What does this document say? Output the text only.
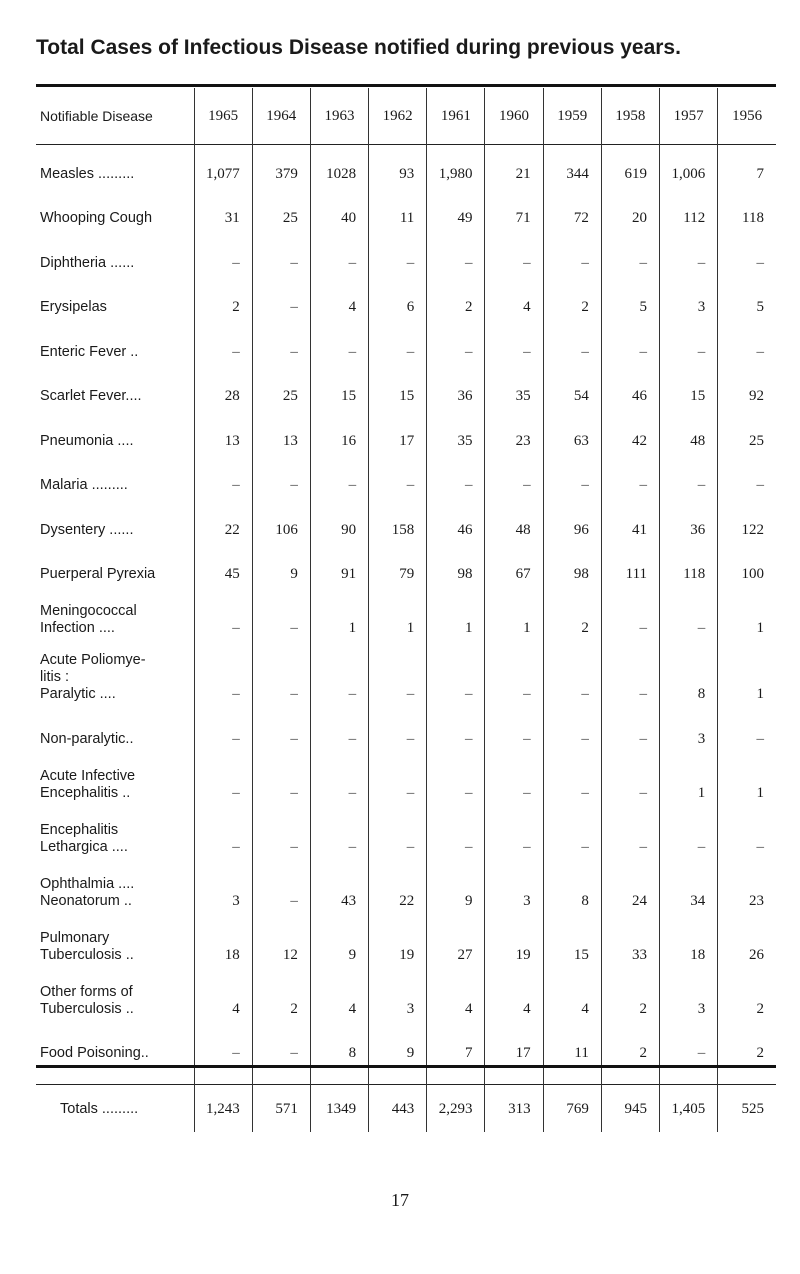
Total Cases of Infectious Disease notified during previous years.
Notifiable Disease	1965	1964	1963	1962	1961	1960	1959	1958	1957	1956

Measles .........	1,077	379	1028	93	1,980	21	344	619	1,006	7

Whooping Cough	31	25	40	11	49	71	72	20	112	118

Diphtheria ......	–	–	–	–	–	–	–	–	–	–

Erysipelas	2	–	4	6	2	4	2	5	3	5

Enteric Fever ..	–	–	–	–	–	–	–	–	–	–

Scarlet Fever....	28	25	15	15	36	35	54	46	15	92

Pneumonia ....	13	13	16	17	35	23	63	42	48	25

Malaria .........	–	–	–	–	–	–	–	–	–	–

Dysentery ......	22	106	90	158	46	48	96	41	36	122

Puerperal Pyrexia	45	9	91	79	98	67	98	111	118	100

Meningococcal
Infection ....	–	–	1	1	1	1	2	–	–	1

Acute Poliomye-
litis :
Paralytic ....	–	–	–	–	–	–	–	–	8	1

Non-paralytic..	–	–	–	–	–	–	–	–	3	–

Acute Infective
Encephalitis ..	–	–	–	–	–	–	–	–	1	1

Encephalitis
Lethargica ....	–	–	–	–	–	–	–	–	–	–

Ophthalmia ....
Neonatorum ..	3	–	43	22	9	3	8	24	34	23

Pulmonary
Tuberculosis ..	18	12	9	19	27	19	15	33	18	26

Other forms of
Tuberculosis ..	4	2	4	3	4	4	4	2	3	2

Food Poisoning..	–	–	8	9	7	17	11	2	–	2

Totals .........	1,243	571	1349	443	2,293	313	769	945	1,405	525
17
